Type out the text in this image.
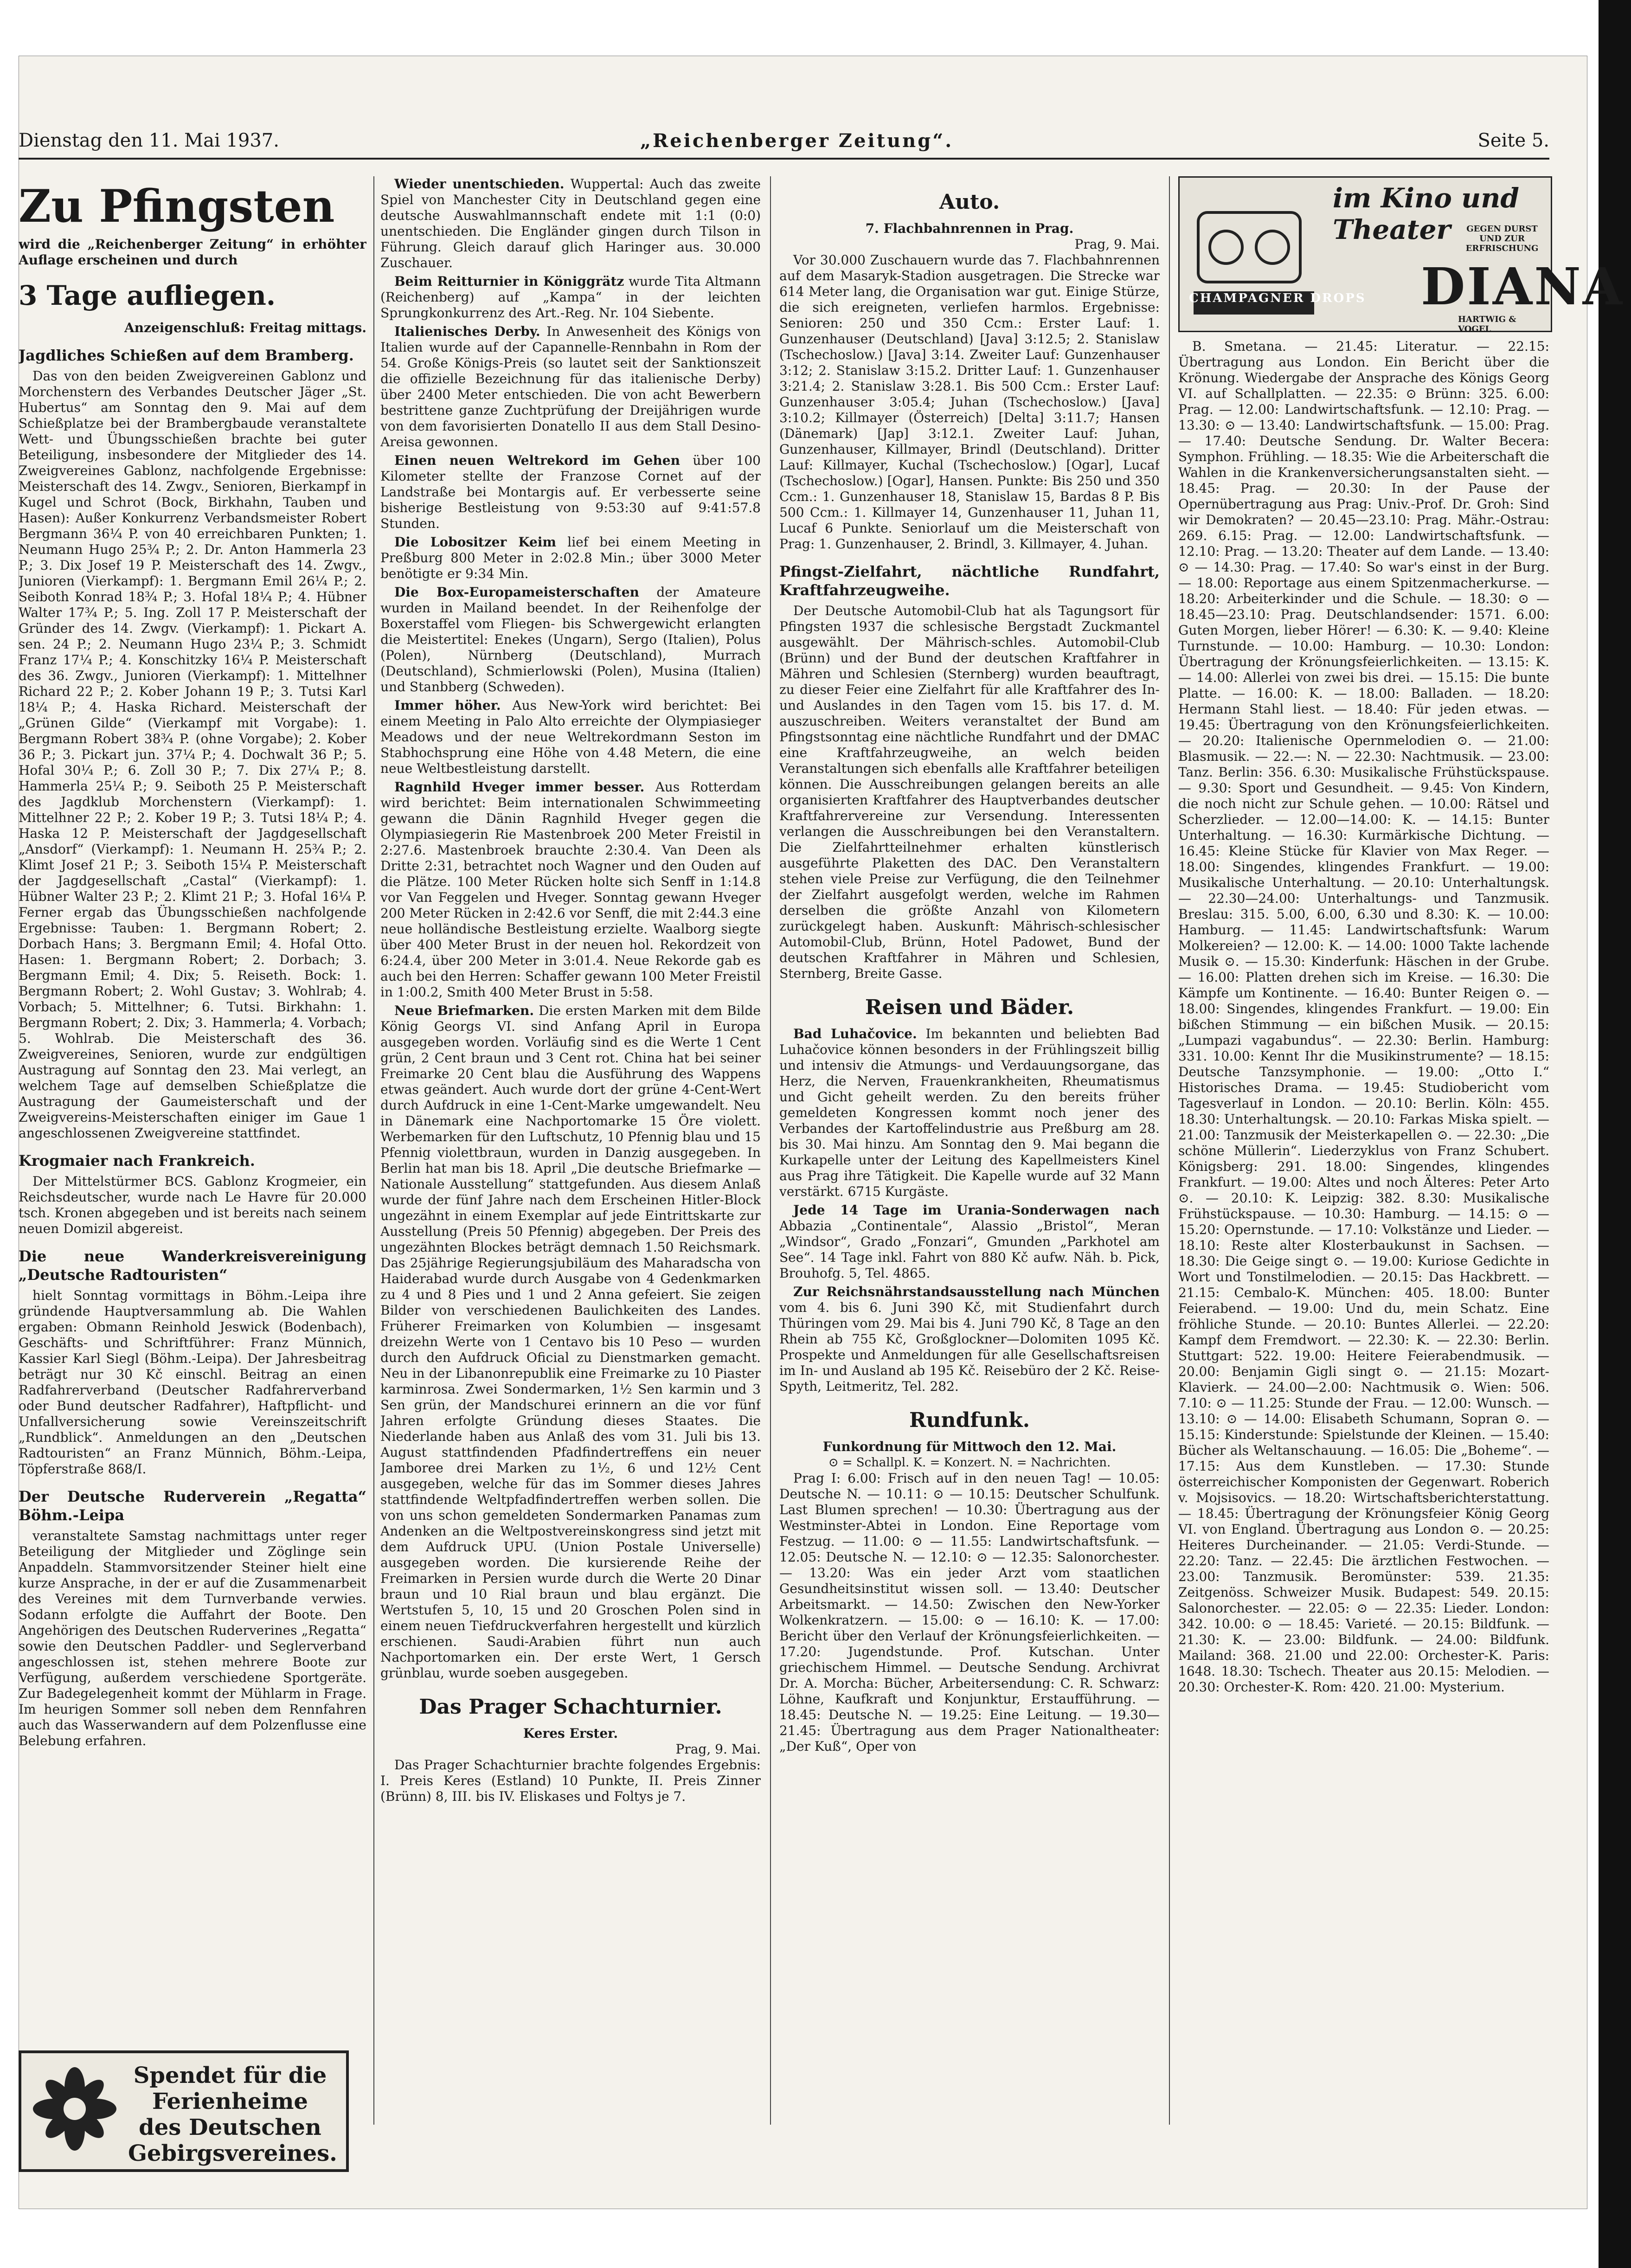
Dienstag den 11. Mai 1937.	„Reichenberger Zeitung“.	Seite 5.
Zu Pfingsten
wird die „Reichenberger Zeitung“ in erhöhter Auflage erscheinen und durch
3 Tage aufliegen.
Anzeigenschluß: Freitag mittags.
Jagdliches Schießen auf dem Bramberg.

Das von den beiden Zweigvereinen Gablonz und Morchenstern des Verbandes Deutscher Jäger „St. Hubertus“ am Sonntag den 9. Mai auf dem Schießplatze bei der Brambergbaude veranstaltete Wett- und Übungsschießen brachte bei guter Beteiligung, insbesondere der Mitglieder des 14. Zweigvereines Gablonz, nachfolgende Ergebnisse: Meisterschaft des 14. Zwgv., Senioren, Bierkampf in Kugel und Schrot (Bock, Birkhahn, Tauben und Hasen): Außer Konkurrenz Verbandsmeister Robert Bergmann 36¼ P. von 40 erreichbaren Punkten; 1. Neumann Hugo 25¾ P.; 2. Dr. Anton Hammerla 23 P.; 3. Dix Josef 19 P. Meisterschaft des 14. Zwgv., Junioren (Vierkampf): 1. Bergmann Emil 26¼ P.; 2. Seiboth Konrad 18¾ P.; 3. Hofal 18¼ P.; 4. Hübner Walter 17¾ P.; 5. Ing. Zoll 17 P. Meisterschaft der Gründer des 14. Zwgv. (Vierkampf): 1. Pickart A. sen. 24 P.; 2. Neumann Hugo 23¼ P.; 3. Schmidt Franz 17¼ P.; 4. Konschitzky 16¼ P. Meisterschaft des 36. Zwgv., Junioren (Vierkampf): 1. Mittelhner Richard 22 P.; 2. Kober Johann 19 P.; 3. Tutsi Karl 18¼ P.; 4. Haska Richard. Meisterschaft der „Grünen Gilde“ (Vierkampf mit Vorgabe): 1. Bergmann Robert 38¾ P. (ohne Vorgabe); 2. Kober 36 P.; 3. Pickart jun. 37¼ P.; 4. Dochwalt 36 P.; 5. Hofal 30¼ P.; 6. Zoll 30 P.; 7. Dix 27¼ P.; 8. Hammerla 25¼ P.; 9. Seiboth 25 P. Meisterschaft des Jagdklub Morchenstern (Vierkampf): 1. Mittelhner 22 P.; 2. Kober 19 P.; 3. Tutsi 18¼ P.; 4. Haska 12 P. Meisterschaft der Jagdgesellschaft „Ansdorf“ (Vierkampf): 1. Neumann H. 25¾ P.; 2. Klimt Josef 21 P.; 3. Seiboth 15¼ P. Meisterschaft der Jagdgesellschaft „Castal“ (Vierkampf): 1. Hübner Walter 23 P.; 2. Klimt 21 P.; 3. Hofal 16¼ P. Ferner ergab das Übungsschießen nachfolgende Ergebnisse: Tauben: 1. Bergmann Robert; 2. Dorbach Hans; 3. Bergmann Emil; 4. Hofal Otto. Hasen: 1. Bergmann Robert; 2. Dorbach; 3. Bergmann Emil; 4. Dix; 5. Reiseth. Bock: 1. Bergmann Robert; 2. Wohl Gustav; 3. Wohlrab; 4. Vorbach; 5. Mittelhner; 6. Tutsi. Birkhahn: 1. Bergmann Robert; 2. Dix; 3. Hammerla; 4. Vorbach; 5. Wohlrab. Die Meisterschaft des 36. Zweigvereines, Senioren, wurde zur endgültigen Austragung auf Sonntag den 23. Mai verlegt, an welchem Tage auf demselben Schießplatze die Austragung der Gaumeisterschaft und der Zweigvereins-Meisterschaften einiger im Gaue 1 angeschlossenen Zweigvereine stattfindet.

Krogmaier nach Frankreich.

Der Mittelstürmer BCS. Gablonz Krogmeier, ein Reichsdeutscher, wurde nach Le Havre für 20.000 tsch. Kronen abgegeben und ist bereits nach seinem neuen Domizil abgereist.

Die neue Wanderkreisvereinigung „Deutsche Radtouristen“

hielt Sonntag vormittags in Böhm.-Leipa ihre gründende Hauptversammlung ab. Die Wahlen ergaben: Obmann Reinhold Jeswick (Bodenbach), Geschäfts- und Schriftführer: Franz Münnich, Kassier Karl Siegl (Böhm.-Leipa). Der Jahresbeitrag beträgt nur 30 Kč einschl. Beitrag an einen Radfahrerverband (Deutscher Radfahrerverband oder Bund deutscher Radfahrer), Haftpflicht- und Unfallversicherung sowie Vereinszeitschrift „Rundblick“. Anmeldungen an den „Deutschen Radtouristen“ an Franz Münnich, Böhm.-Leipa, Töpferstraße 868/I.

Der Deutsche Ruderverein „Regatta“ Böhm.-Leipa

veranstaltete Samstag nachmittags unter reger Beteiligung der Mitglieder und Zöglinge sein Anpaddeln. Stammvorsitzender Steiner hielt eine kurze Ansprache, in der er auf die Zusammenarbeit des Vereines mit dem Turnverbande verwies. Sodann erfolgte die Auffahrt der Boote. Den Angehörigen des Deutschen Ruderverines „Regatta“ sowie den Deutschen Paddler- und Seglerverband angeschlossen ist, stehen mehrere Boote zur Verfügung, außerdem verschiedene Sportgeräte. Zur Badegelegenheit kommt der Mühlarm in Frage. Im heurigen Sommer soll neben dem Rennfahren auch das Wasserwandern auf dem Polzenflusse eine Belebung erfahren.

Spendet für die Ferienheime des Deutschen Gebirgsvereines.

Wieder unentschieden. Wuppertal: Auch das zweite Spiel von Manchester City in Deutschland gegen eine deutsche Auswahlmannschaft endete mit 1:1 (0:0) unentschieden. Die Engländer gingen durch Tilson in Führung. Gleich darauf glich Haringer aus. 30.000 Zuschauer.

Beim Reitturnier in Königgrätz wurde Tita Altmann (Reichenberg) auf „Kampa“ in der leichten Sprungkonkurrenz des Art.-Reg. Nr. 104 Siebente.

Italienisches Derby. In Anwesenheit des Königs von Italien wurde auf der Capannelle-Rennbahn in Rom der 54. Große Königs-Preis (so lautet seit der Sanktionszeit die offizielle Bezeichnung für das italienische Derby) über 2400 Meter entschieden. Die von acht Bewerbern bestrittene ganze Zuchtprüfung der Dreijährigen wurde von dem favorisierten Donatello II aus dem Stall Desino-Areisa gewonnen.

Einen neuen Weltrekord im Gehen über 100 Kilometer stellte der Franzose Cornet auf der Landstraße bei Montargis auf. Er verbesserte seine bisherige Bestleistung von 9:53:30 auf 9:41:57.8 Stunden.

Die Lobositzer Keim lief bei einem Meeting in Preßburg 800 Meter in 2:02.8 Min.; über 3000 Meter benötigte er 9:34 Min.

Die Box-Europameisterschaften der Amateure wurden in Mailand beendet. In der Reihenfolge der Boxerstaffel vom Fliegen- bis Schwergewicht erlangten die Meistertitel: Enekes (Ungarn), Sergo (Italien), Polus (Polen), Nürnberg (Deutschland), Murrach (Deutschland), Schmierlowski (Polen), Musina (Italien) und Stanbberg (Schweden).

Immer höher. Aus New-York wird berichtet: Bei einem Meeting in Palo Alto erreichte der Olympiasieger Meadows und der neue Weltrekordmann Seston im Stabhochsprung eine Höhe von 4.48 Metern, die eine neue Weltbestleistung darstellt.

Ragnhild Hveger immer besser. Aus Rotterdam wird berichtet: Beim internationalen Schwimmeeting gewann die Dänin Ragnhild Hveger gegen die Olympiasiegerin Rie Mastenbroek 200 Meter Freistil in 2:27.6. Mastenbroek brauchte 2:30.4. Van Deen als Dritte 2:31, betrachtet noch Wagner und den Ouden auf die Plätze. 100 Meter Rücken holte sich Senff in 1:14.8 vor Van Feggelen und Hveger. Sonntag gewann Hveger 200 Meter Rücken in 2:42.6 vor Senff, die mit 2:44.3 eine neue holländische Bestleistung erzielte. Waalborg siegte über 400 Meter Brust in der neuen hol. Rekordzeit von 6:24.4, über 200 Meter in 3:01.4. Neue Rekorde gab es auch bei den Herren: Schaffer gewann 100 Meter Freistil in 1:00.2, Smith 400 Meter Brust in 5:58.

Neue Briefmarken. Die ersten Marken mit dem Bilde König Georgs VI. sind Anfang April in Europa ausgegeben worden. Vorläufig sind es die Werte 1 Cent grün, 2 Cent braun und 3 Cent rot. China hat bei seiner Freimarke 20 Cent blau die Ausführung des Wappens etwas geändert. Auch wurde dort der grüne 4-Cent-Wert durch Aufdruck in eine 1-Cent-Marke umgewandelt. Neu in Dänemark eine Nachportomarke 15 Öre violett. Werbemarken für den Luftschutz, 10 Pfennig blau und 15 Pfennig violettbraun, wurden in Danzig ausgegeben. In Berlin hat man bis 18. April „Die deutsche Briefmarke — Nationale Ausstellung“ stattgefunden. Aus diesem Anlaß wurde der fünf Jahre nach dem Erscheinen Hitler-Block ungezähnt in einem Exemplar auf jede Eintrittskarte zur Ausstellung (Preis 50 Pfennig) abgegeben. Der Preis des ungezähnten Blockes beträgt demnach 1.50 Reichsmark. Das 25jährige Regierungsjubiläum des Maharadscha von Haiderabad wurde durch Ausgabe von 4 Gedenkmarken zu 4 und 8 Pies und 1 und 2 Anna gefeiert. Sie zeigen Bilder von verschiedenen Baulichkeiten des Landes. Früherer Freimarken von Kolumbien — insgesamt dreizehn Werte von 1 Centavo bis 10 Peso — wurden durch den Aufdruck Oficial zu Dienstmarken gemacht. Neu in der Libanonrepublik eine Freimarke zu 10 Piaster karminrosa. Zwei Sondermarken, 1½ Sen karmin und 3 Sen grün, der Mandschurei erinnern an die vor fünf Jahren erfolgte Gründung dieses Staates. Die Niederlande haben aus Anlaß des vom 31. Juli bis 13. August stattfindenden Pfadfindertreffens ein neuer Jamboree drei Marken zu 1½, 6 und 12½ Cent ausgegeben, welche für das im Sommer dieses Jahres stattfindende Weltpfadfindertreffen werben sollen. Die von uns schon gemeldeten Sondermarken Panamas zum Andenken an die Weltpostvereinskongress sind jetzt mit dem Aufdruck UPU. (Union Postale Universelle) ausgegeben worden. Die kursierende Reihe der Freimarken in Persien wurde durch die Werte 20 Dinar braun und 10 Rial braun und blau ergänzt. Die Wertstufen 5, 10, 15 und 20 Groschen Polen sind in einem neuen Tiefdruckverfahren hergestellt und kürzlich erschienen. Saudi-Arabien führt nun auch Nachportomarken ein. Der erste Wert, 1 Gersch grünblau, wurde soeben ausgegeben.

Das Prager Schachturnier.
Keres Erster.
Prag, 9. Mai.

Das Prager Schachturnier brachte folgendes Ergebnis: I. Preis Keres (Estland) 10 Punkte, II. Preis Zinner (Brünn) 8, III. bis IV. Eliskases und Foltys je 7.

Auto.
7. Flachbahnrennen in Prag.
Prag, 9. Mai.

Vor 30.000 Zuschauern wurde das 7. Flachbahnrennen auf dem Masaryk-Stadion ausgetragen. Die Strecke war 614 Meter lang, die Organisation war gut. Einige Stürze, die sich ereigneten, verliefen harmlos. Ergebnisse: Senioren: 250 und 350 Ccm.: Erster Lauf: 1. Gunzenhauser (Deutschland) [Java] 3:12.5; 2. Stanislaw (Tschechoslow.) [Java] 3:14. Zweiter Lauf: Gunzenhauser 3:12; 2. Stanislaw 3:15.2. Dritter Lauf: 1. Gunzenhauser 3:21.4; 2. Stanislaw 3:28.1. Bis 500 Ccm.: Erster Lauf: Gunzenhauser 3:05.4; Juhan (Tschechoslow.) [Java] 3:10.2; Killmayer (Österreich) [Delta] 3:11.7; Hansen (Dänemark) [Jap] 3:12.1. Zweiter Lauf: Juhan, Gunzenhauser, Killmayer, Brindl (Deutschland). Dritter Lauf: Killmayer, Kuchal (Tschechoslow.) [Ogar], Lucaf (Tschechoslow.) [Ogar], Hansen. Punkte: Bis 250 und 350 Ccm.: 1. Gunzenhauser 18, Stanislaw 15, Bardas 8 P. Bis 500 Ccm.: 1. Killmayer 14, Gunzenhauser 11, Juhan 11, Lucaf 6 Punkte. Seniorlauf um die Meisterschaft von Prag: 1. Gunzenhauser, 2. Brindl, 3. Killmayer, 4. Juhan.

Pfingst-Zielfahrt, nächtliche Rundfahrt, Kraftfahrzeugweihe.

Der Deutsche Automobil-Club hat als Tagungsort für Pfingsten 1937 die schlesische Bergstadt Zuckmantel ausgewählt. Der Mährisch-schles. Automobil-Club (Brünn) und der Bund der deutschen Kraftfahrer in Mähren und Schlesien (Sternberg) wurden beauftragt, zu dieser Feier eine Zielfahrt für alle Kraftfahrer des In- und Auslandes in den Tagen vom 15. bis 17. d. M. auszuschreiben. Weiters veranstaltet der Bund am Pfingstsonntag eine nächtliche Rundfahrt und der DMAC eine Kraftfahrzeugweihe, an welch beiden Veranstaltungen sich ebenfalls alle Kraftfahrer beteiligen können. Die Ausschreibungen gelangen bereits an alle organisierten Kraftfahrer des Hauptverbandes deutscher Kraftfahrervereine zur Versendung. Interessenten verlangen die Ausschreibungen bei den Veranstaltern. Die Zielfahrtteilnehmer erhalten künstlerisch ausgeführte Plaketten des DAC. Den Veranstaltern stehen viele Preise zur Verfügung, die den Teilnehmer der Zielfahrt ausgefolgt werden, welche im Rahmen derselben die größte Anzahl von Kilometern zurückgelegt haben. Auskunft: Mährisch-schlesischer Automobil-Club, Brünn, Hotel Padowet, Bund der deutschen Kraftfahrer in Mähren und Schlesien, Sternberg, Breite Gasse.

Reisen und Bäder.

Bad Luhačovice. Im bekannten und beliebten Bad Luhačovice können besonders in der Frühlingszeit billig und intensiv die Atmungs- und Verdauungsorgane, das Herz, die Nerven, Frauenkrankheiten, Rheumatismus und Gicht geheilt werden. Zu den bereits früher gemeldeten Kongressen kommt noch jener des Verbandes der Kartoffelindustrie aus Preßburg am 28. bis 30. Mai hinzu. Am Sonntag den 9. Mai begann die Kurkapelle unter der Leitung des Kapellmeisters Kinel aus Prag ihre Tätigkeit. Die Kapelle wurde auf 32 Mann verstärkt. 6715 Kurgäste.

Jede 14 Tage im Urania-Sonderwagen nach Abbazia „Continentale“, Alassio „Bristol“, Meran „Windsor“, Grado „Fonzari“, Gmunden „Parkhotel am See“. 14 Tage inkl. Fahrt von 880 Kč aufw. Näh. b. Pick, Brouhofg. 5, Tel. 4865.

Zur Reichsnährstandsausstellung nach München vom 4. bis 6. Juni 390 Kč, mit Studienfahrt durch Thüringen vom 29. Mai bis 4. Juni 790 Kč, 8 Tage an den Rhein ab 755 Kč, Großglockner—Dolomiten 1095 Kč. Prospekte und Anmeldungen für alle Gesellschaftsreisen im In- und Ausland ab 195 Kč. Reisebüro der 2 Kč. Reise-Spyth, Leitmeritz, Tel. 282.

Rundfunk.
Funkordnung für Mittwoch den 12. Mai.
⊙ = Schallpl. K. = Konzert. N. = Nachrichten.

Prag I: 6.00: Frisch auf in den neuen Tag! — 10.05: Deutsche N. — 10.11: ⊙ — 10.15: Deutscher Schulfunk. Last Blumen sprechen! — 10.30: Übertragung aus der Westminster-Abtei in London. Eine Reportage vom Festzug. — 11.00: ⊙ — 11.55: Landwirtschaftsfunk. — 12.05: Deutsche N. — 12.10: ⊙ — 12.35: Salonorchester. — 13.20: Was ein jeder Arzt vom staatlichen Gesundheitsinstitut wissen soll. — 13.40: Deutscher Arbeitsmarkt. — 14.50: Zwischen den New-Yorker Wolkenkratzern. — 15.00: ⊙ — 16.10: K. — 17.00: Bericht über den Verlauf der Krönungsfeierlichkeiten. — 17.20: Jugendstunde. Prof. Kutschan. Unter griechischem Himmel. — Deutsche Sendung. Archivrat Dr. A. Morcha: Bücher, Arbeitersendung: C. R. Schwarz: Löhne, Kaufkraft und Konjunktur, Erstaufführung. — 18.45: Deutsche N. — 19.25: Eine Leitung. — 19.30—21.45: Übertragung aus dem Prager Nationaltheater: „Der Kuß“, Oper von

im Kino und Theater	GEGEN DURST UND ZUR ERFRISCHUNG
CHAMPAGNER DROPS DIANA
HARTWIG & VOGEL

B. Smetana. — 21.45: Literatur. — 22.15: Übertragung aus London. Ein Bericht über die Krönung. Wiedergabe der Ansprache des Königs Georg VI. auf Schallplatten. — 22.35: ⊙ Brünn: 325. 6.00: Prag. — 12.00: Landwirtschaftsfunk. — 12.10: Prag. — 13.30: ⊙ — 13.40: Landwirtschaftsfunk. — 15.00: Prag. — 17.40: Deutsche Sendung. Dr. Walter Becera: Symphon. Frühling. — 18.35: Wie die Arbeiterschaft die Wahlen in die Krankenversicherungsanstalten sieht. — 18.45: Prag. — 20.30: In der Pause der Opernübertragung aus Prag: Univ.-Prof. Dr. Groh: Sind wir Demokraten? — 20.45—23.10: Prag. Mähr.-Ostrau: 269. 6.15: Prag. — 12.00: Landwirtschaftsfunk. — 12.10: Prag. — 13.20: Theater auf dem Lande. — 13.40: ⊙ — 14.30: Prag. — 17.40: So war's einst in der Burg. — 18.00: Reportage aus einem Spitzenmacherkurse. — 18.20: Arbeiterkinder und die Schule. — 18.30: ⊙ — 18.45—23.10: Prag. Deutschlandsender: 1571. 6.00: Guten Morgen, lieber Hörer! — 6.30: K. — 9.40: Kleine Turnstunde. — 10.00: Hamburg. — 10.30: London: Übertragung der Krönungsfeierlichkeiten. — 13.15: K. — 14.00: Allerlei von zwei bis drei. — 15.15: Die bunte Platte. — 16.00: K. — 18.00: Balladen. — 18.20: Hermann Stahl liest. — 18.40: Für jeden etwas. — 19.45: Übertragung von den Krönungsfeierlichkeiten. — 20.20: Italienische Opernmelodien ⊙. — 21.00: Blasmusik. — 22.—: N. — 22.30: Nachtmusik. — 23.00: Tanz. Berlin: 356. 6.30: Musikalische Frühstückspause. — 9.30: Sport und Gesundheit. — 9.45: Von Kindern, die noch nicht zur Schule gehen. — 10.00: Rätsel und Scherzlieder. — 12.00—14.00: K. — 14.15: Bunter Unterhaltung. — 16.30: Kurmärkische Dichtung. — 16.45: Kleine Stücke für Klavier von Max Reger. — 18.00: Singendes, klingendes Frankfurt. — 19.00: Musikalische Unterhaltung. — 20.10: Unterhaltungsk. — 22.30—24.00: Unterhaltungs- und Tanzmusik. Breslau: 315. 5.00, 6.00, 6.30 und 8.30: K. — 10.00: Hamburg. — 11.45: Landwirtschaftsfunk: Warum Molkereien? — 12.00: K. — 14.00: 1000 Takte lachende Musik ⊙. — 15.30: Kinderfunk: Häschen in der Grube. — 16.00: Platten drehen sich im Kreise. — 16.30: Die Kämpfe um Kontinente. — 16.40: Bunter Reigen ⊙. — 18.00: Singendes, klingendes Frankfurt. — 19.00: Ein bißchen Stimmung — ein bißchen Musik. — 20.15: „Lumpazi vagabundus“. — 22.30: Berlin. Hamburg: 331. 10.00: Kennt Ihr die Musikinstrumente? — 18.15: Deutsche Tanzsymphonie. — 19.00: „Otto I.“ Historisches Drama. — 19.45: Studiobericht vom Tagesverlauf in London. — 20.10: Berlin. Köln: 455. 18.30: Unterhaltungsk. — 20.10: Farkas Miska spielt. — 21.00: Tanzmusik der Meisterkapellen ⊙. — 22.30: „Die schöne Müllerin“. Liederzyklus von Franz Schubert. Königsberg: 291. 18.00: Singendes, klingendes Frankfurt. — 19.00: Altes und noch Älteres: Peter Arto ⊙. — 20.10: K. Leipzig: 382. 8.30: Musikalische Frühstückspause. — 10.30: Hamburg. — 14.15: ⊙ — 15.20: Opernstunde. — 17.10: Volkstänze und Lieder. — 18.10: Reste alter Klosterbaukunst in Sachsen. — 18.30: Die Geige singt ⊙. — 19.00: Kuriose Gedichte in Wort und Tonstilmelodien. — 20.15: Das Hackbrett. — 21.15: Cembalo-K. München: 405. 18.00: Bunter Feierabend. — 19.00: Und du, mein Schatz. Eine fröhliche Stunde. — 20.10: Buntes Allerlei. — 22.20: Kampf dem Fremdwort. — 22.30: K. — 22.30: Berlin. Stuttgart: 522. 19.00: Heitere Feierabendmusik. — 20.00: Benjamin Gigli singt ⊙. — 21.15: Mozart-Klavierk. — 24.00—2.00: Nachtmusik ⊙. Wien: 506. 7.10: ⊙ — 11.25: Stunde der Frau. — 12.00: Wunsch. — 13.10: ⊙ — 14.00: Elisabeth Schumann, Sopran ⊙. — 15.15: Kinderstunde: Spielstunde der Kleinen. — 15.40: Bücher als Weltanschauung. — 16.05: Die „Boheme“. — 17.15: Aus dem Kunstleben. — 17.30: Stunde österreichischer Komponisten der Gegenwart. Roberich v. Mojsisovics. — 18.20: Wirtschaftsberichterstattung. — 18.45: Übertragung der Krönungsfeier König Georg VI. von England. Übertragung aus London ⊙. — 20.25: Heiteres Durcheinander. — 21.05: Verdi-Stunde. — 22.20: Tanz. — 22.45: Die ärztlichen Festwochen. — 23.00: Tanzmusik. Beromünster: 539. 21.35: Zeitgenöss. Schweizer Musik. Budapest: 549. 20.15: Salonorchester. — 22.05: ⊙ — 22.35: Lieder. London: 342. 10.00: ⊙ — 18.45: Varieté. — 20.15: Bildfunk. — 21.30: K. — 23.00: Bildfunk. — 24.00: Bildfunk. Mailand: 368. 21.00 und 22.00: Orchester-K. Paris: 1648. 18.30: Tschech. Theater aus 20.15: Melodien. — 20.30: Orchester-K. Rom: 420. 21.00: Mysterium.
